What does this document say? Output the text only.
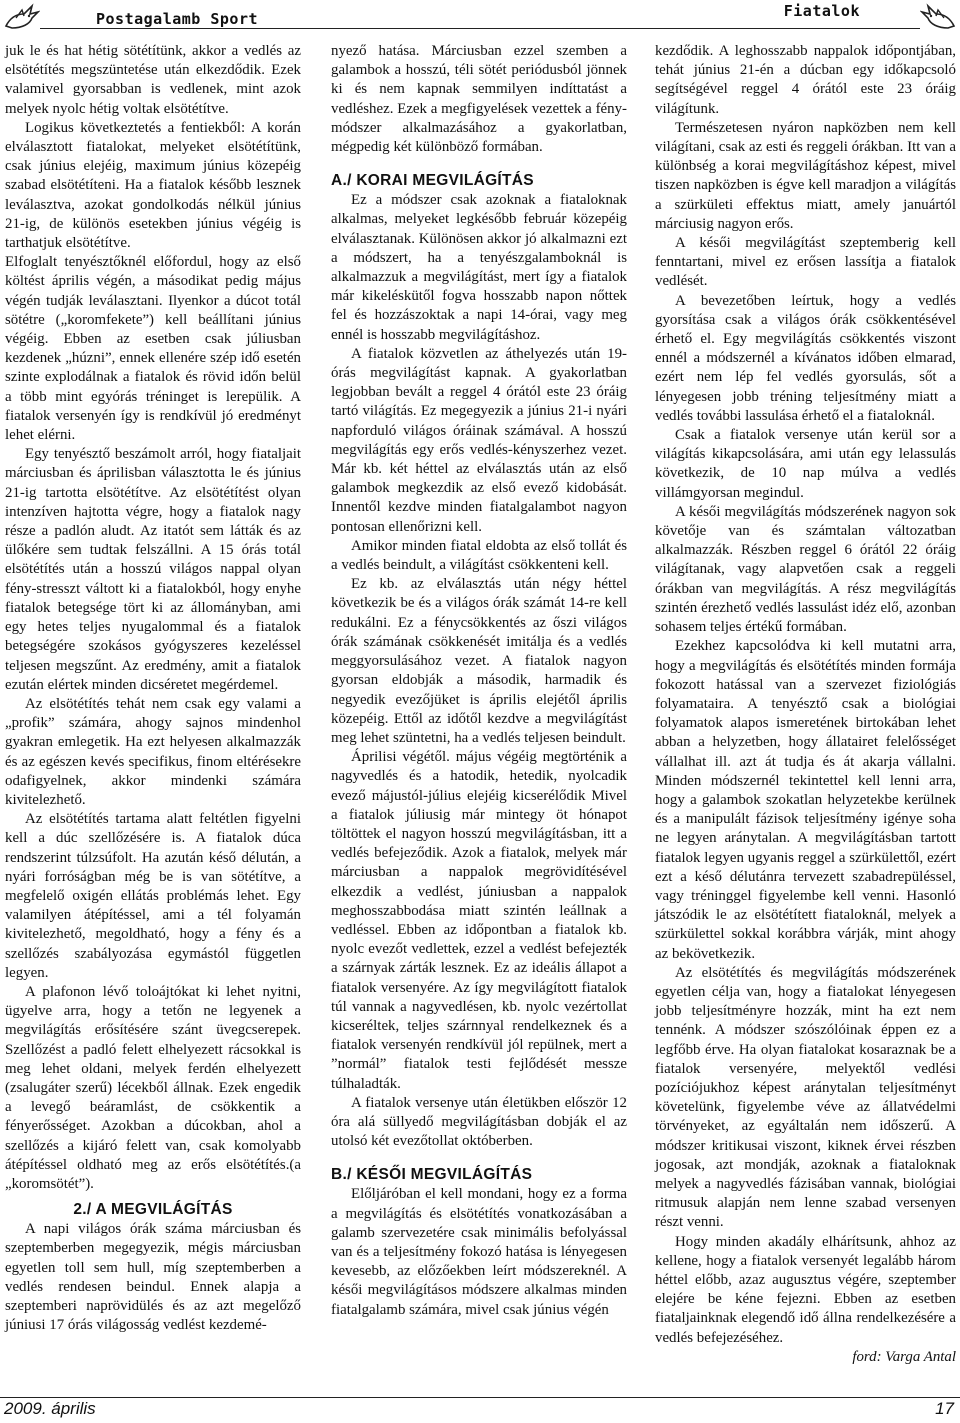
Postagalamb Sport	Fiatalok

juk le és hat hétig sötétítünk, akkor a vedlés az elsötétítés megszüntetése után elkezdődik. Ezek valamivel gyorsabban is vedlenek, mint azok melyek nyolc hétig voltak elsötétítve.

Logikus következtetés a fentiekből: A korán elválasztott fiatalokat, melyeket elsötétítünk, csak június elejéig, maximum június közepéig szabad elsötétíteni. Ha a fiatalok később lesznek leválasztva, azokat gondolkodás nélkül június 21-ig, de különös esetekben június végéig is tarthatjuk elsötétítve.

Elfoglalt tenyésztőknél előfordul, hogy az első költést április végén, a másodikat pedig május végén tudják leválasztani. Ilyenkor a dúcot totál sötétre („koromfekete”) kell beállítani június végéig. Ebben az esetben csak júliusban kezdenek „húzni”, ennek ellenére szép idő esetén szinte explodálnak a fiatalok és rövid időn belül a több mint egyórás tréninget is lerepülik. A fiatalok versenyén így is rendkívül jó eredményt lehet elérni.

Egy tenyésztő beszámolt arról, hogy fiataljait márciusban és áprilisban választotta le és június 21-ig tartotta elsötétítve. Az elsötétítést olyan intenzíven hajtotta végre, hogy a fiatalok nagy része a padlón aludt. Az itatót sem látták és az ülőkére sem tudtak felszállni. A 15 órás totál elsötétítés után a hosszú világos nappal olyan fény-stresszt váltott ki a fiatalokból, hogy enyhe fiatalok betegsége tört ki az állományban, ami egy hetes teljes nyugalommal és a fiatalok betegségére szokásos gyógyszeres kezeléssel teljesen megszűnt. Az eredmény, amit a fiatalok ezután elértek minden dicséretet megérdemel.

Az elsötétítés tehát nem csak egy valami a „profik” számára, ahogy sajnos mindenhol gyakran emlegetik. Ha ezt helyesen alkalmazzák és az egészen kevés specifikus, finom eltérésekre odafigyelnek, akkor mindenki számára kivitelezhető.

Az elsötétítés tartama alatt feltétlen figyelni kell a dúc szellőzésére is. A fiatalok dúca rendszerint túlzsúfolt. Ha azután késő délután, a nyári forróságban még be is van sötétítve, a megfelelő oxigén ellátás problémás lehet. Egy valamilyen átépítéssel, ami a tél folyamán kivitelezhető, megoldható, hogy a fény és a szellőzés szabályozása egymástól független legyen.

A plafonon lévő toloájtókat ki lehet nyitni, ügyelve arra, hogy a tetőn ne legyenek a megvilágítás erősítésére szánt üvegcserepek. Szellőzést a padló felett elhelyezett rácsokkal is meg lehet oldani, melyek ferdén elhelyezett (zsalugáter szerű) lécekből állnak. Ezek engedik a levegő beáramlást, de csökkentik a fényerősséget. Azokban a dúcokban, ahol a szellőzés a kijáró felett van, csak komolyabb átépítéssel oldható meg az erős elsötétítés.(a „koromsötét”).

2./ A MEGVILÁGÍTÁS

A napi világos órák száma márciusban és szeptemberben megegyezik, mégis márciusban egyetlen toll sem hull, míg szeptemberben a vedlés rendesen beindul. Ennek alapja a szeptemberi naprövidülés és az azt megelőző júniusi 17 órás világosság vedlést kezdemé-

nyező hatása. Márciusban ezzel szemben a galambok a hosszú, téli sötét periódusból jönnek ki és nem kapnak semmilyen indíttatást a vedléshez. Ezek a megfigyelések vezettek a fény-módszer alkalmazásához a gyakorlatban, mégpedig két különböző formában.

A./ KORAI MEGVILÁGÍTÁS

Ez a módszer csak azoknak a fiataloknak alkalmas, melyeket legkésőbb február közepéig elválasztanak. Különösen akkor jó alkalmazni ezt a módszert, ha a tenyészgalamboknál is alkalmazzuk a megvilágítást, mert így a fiatalok már kikeléskütől fogva hosszabb napon nőttek fel és hozzászoktak a napi 14-órai, vagy meg ennél is hosszabb megvilágításhoz.

A fiatalok közvetlen az áthelyezés után 19-órás megvilágítást kapnak. A gyakorlatban legjobban bevált a reggel 4 órától este 23 óráig tartó világítás. Ez megegyezik a június 21-i nyári napforduló világos óráinak számával. A hosszú megvilágítás egy erős vedlés-kényszerhez vezet. Már kb. két héttel az elválasztás után az első galambok megkezdik az első evező kidobását. Innentől kezdve minden fiatalgalambot nagyon pontosan ellenőrizni kell.

Amikor minden fiatal eldobta az első tollát és a vedlés beindult, a világítást csökkenteni kell.

Ez kb. az elválasztás után négy héttel következik be és a világos órák számát 14-re kell redukálni. Ez a fénycsökkentés az őszi világos órák számának csökkenését imitálja és a vedlés meggyorsulásához vezet. A fiatalok nagyon gyorsan eldobják a második, harmadik és negyedik evezőjüket is április elejétől április közepéig. Ettől az időtől kezdve a megvilágítást meg lehet szüntetni, ha a vedlés teljesen beindult.

Áprilisi végétől. május végéig megtörténik a nagyvedlés és a hatodik, hetedik, nyolcadik evező májustól-július elejéig kicserélődik Mivel a fiatalok júliusig már mintegy öt hónapot töltöttek el nagyon hosszú megvilágításban, itt a vedlés befejeződik. Azok a fiatalok, melyek már márciusban a nappalok megrövidítésével elkezdik a vedlést, júniusban a nappalok meghosszabbodása miatt szintén leállnak a vedléssel. Ebben az időpontban a fiatalok kb. nyolc evezőt vedlettek, ezzel a vedlést befejezték a szárnyak zárták lesznek. Ez az ideális állapot a fiatalok versenyére. Az így megvilágított fiatalok túl vannak a nagyvedlésen, kb. nyolc vezértollat kicseréltek, teljes szárnnyal rendelkeznek és a fiatalok versenyén rendkívül jól repülnek, mert a ”normál” fiatalok testi fejlődését messze túlhaladták.

A fiatalok versenye után életükben először 12 óra alá süllyedő megvilágításban dobják el az utolsó két evezőtollat októberben.

B./ KÉSŐI MEGVILÁGÍTÁS

Előljáróban el kell mondani, hogy ez a forma a megvilágítás és elsötétítés vonatkozásában a galamb szervezetére csak minimális befolyással van és a teljesítmény fokozó hatása is lényegesen kevesebb, az előzőekben leírt módszereknél. A késői megvilágításos módszere alkalmas minden fiatalgalamb számára, mivel csak június végén

kezdődik. A leghosszabb nappalok időpontjában, tehát június 21-én a dúcban egy időkapcsoló segítségével reggel 4 órától este 23 óráig világítunk.

Természetesen nyáron napközben nem kell világítani, csak az esti és reggeli órákban. Itt van a különbség a korai megvilágításhoz képest, mivel tiszen napközben is égve kell maradjon a világítás a szürkületi effektus miatt, amely januártól márciusig nagyon erős.

A késői megvilágítást szeptemberig kell fenntartani, mivel ez erősen lassítja a fiatalok vedlését.

A bevezetőben leírtuk, hogy a vedlés gyorsítása csak a világos órák csökkentésével érhető el. Egy megvilágítás csökkentés viszont ennél a módszernél a kívánatos időben elmarad, ezért nem lép fel vedlés gyorsulás, sőt a lényegesen jobb tréning teljesítmény miatt a vedlés további lassulása érhető el a fiataloknál.

Csak a fiatalok versenye után kerül sor a világítás kikapcsolására, ami után egy lelassulás következik, de 10 nap múlva a vedlés villámgyorsan megindul.

A késői megvilágítás módszerének nagyon sok követője van és számtalan változatban alkalmazzák. Részben reggel 6 órától 22 óráig világítanak, vagy alapvetően csak a reggeli órákban van megvilágítás. A rész megvilágítás szintén érezhető vedlés lassulást idéz elő, azonban sohasem teljes értékű formában.

Ezekhez kapcsolódva ki kell mutatni arra, hogy a megvilágítás és elsötétítés minden formája fokozott hatással van a szervezet fiziológiás folyamataira. A tenyésztő csak a biológiai folyamatok alapos ismeretének birtokában lehet abban a helyzetben, hogy állatairet felelősséget vállalhat ill. azt át tudja és át akarja vállalni. Minden módszernél tekintettel kell lenni arra, hogy a galambok szokatlan helyzetekbe kerülnek és a manipulált fázisok teljesítmény igénye soha ne legyen aránytalan. A megvilágításban tartott fiatalok legyen ugyanis reggel a szürkülettől, ezért ezt a késő délutánra tervezett szabadrepüléssel, vagy tréninggel figyelembe kell venni. Hasonló játszódik le az elsötétített fiataloknál, melyek a szürkülettel sokkal korábbra várják, mint ahogy az bekövetkezik.

Az elsötétítés és megvilágítás módszerének egyetlen célja van, hogy a fiatalokat lényegesen jobb teljesítményre hozzák, mint ha ezt nem tennénk. A módszer szószólóinak éppen ez a legfőbb érve. Ha olyan fiatalokat kosaraznak be a fiatalok versenyére, melyektől vedlési pozíciójukhoz képest aránytalan teljesítményt követelünk, figyelembe véve az állatvédelmi törvényeket, az egyáltalán nem időszerű. A módszer kritikusai viszont, kiknek érvei részben jogosak, azt mondják, azoknak a fiataloknak melyek a nagyvedlés fázisában vannak, biológiai ritmusuk alapján nem lenne szabad versenyen részt venni.

Hogy minden akadály elhárítsunk, ahhoz az kellene, hogy a fiatalok versenyét legalább három héttel előbb, azaz augusztus végére, szeptember elejére be kéne fejezni. Ebben az esetben fiataljainknak elegendő idő állna rendelkezésére a vedlés befejezéséhez.

ford: Varga Antal

2009. április	17
